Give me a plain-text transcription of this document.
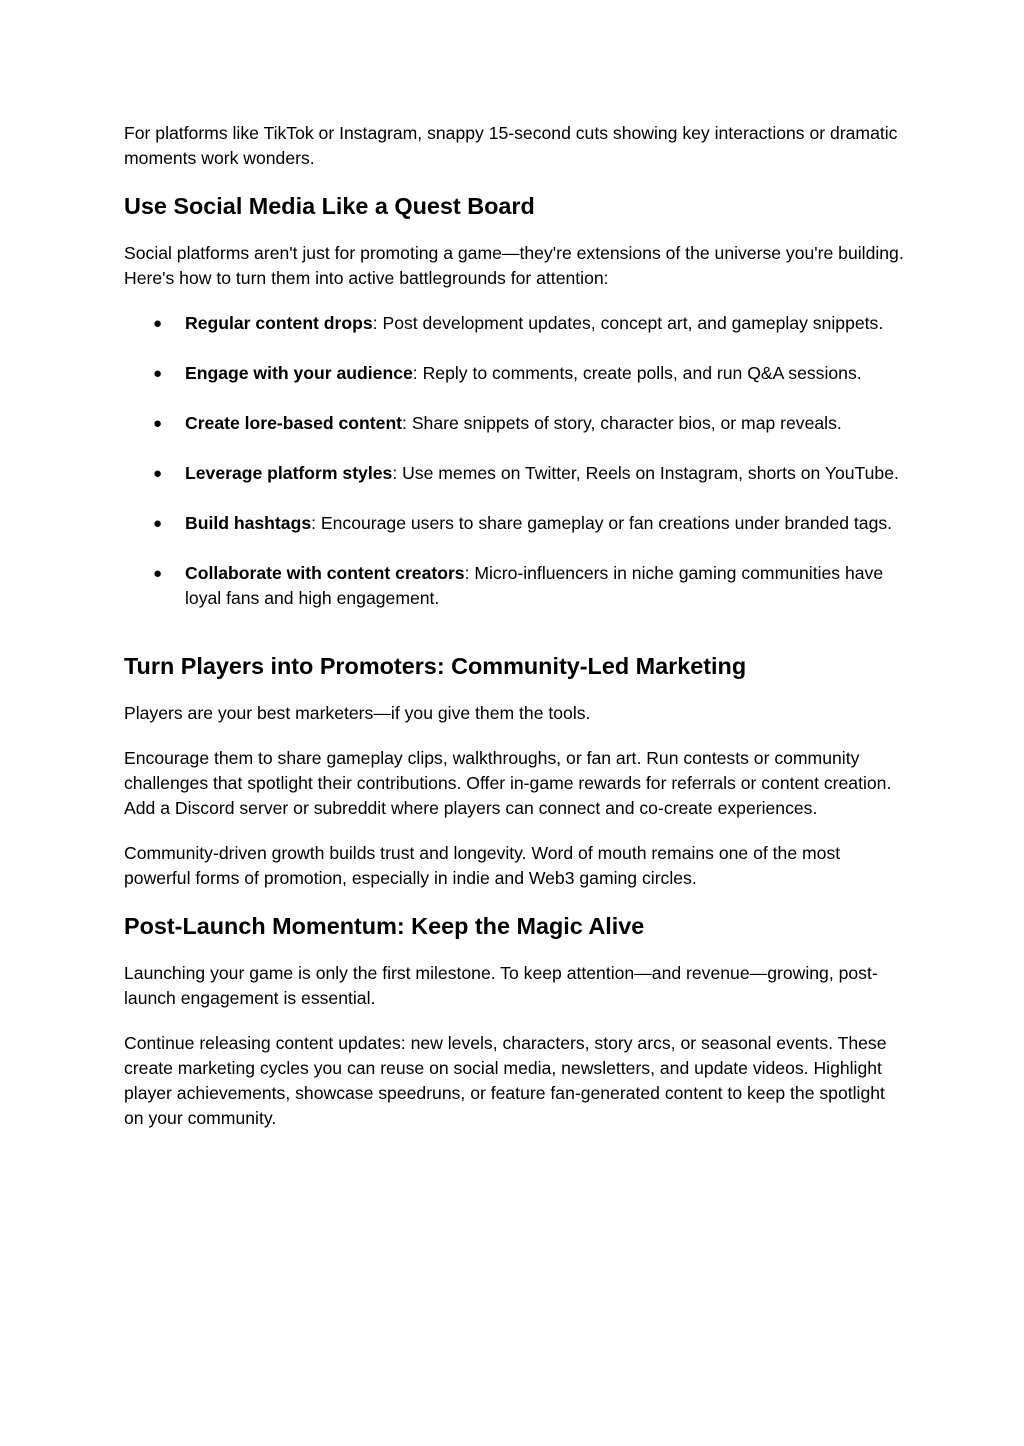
For platforms like TikTok or Instagram, snappy 15-second cuts showing key interactions or dramatic moments work wonders.

Use Social Media Like a Quest Board

Social platforms aren't just for promoting a game—they're extensions of the universe you're building. Here's how to turn them into active battlegrounds for attention:

● Regular content drops: Post development updates, concept art, and gameplay snippets.
● Engage with your audience: Reply to comments, create polls, and run Q&A sessions.
● Create lore-based content: Share snippets of story, character bios, or map reveals.
● Leverage platform styles: Use memes on Twitter, Reels on Instagram, shorts on YouTube.
● Build hashtags: Encourage users to share gameplay or fan creations under branded tags.
● Collaborate with content creators: Micro-influencers in niche gaming communities have loyal fans and high engagement.
Turn Players into Promoters: Community-Led Marketing

Players are your best marketers—if you give them the tools.

Encourage them to share gameplay clips, walkthroughs, or fan art. Run contests or community challenges that spotlight their contributions. Offer in-game rewards for referrals or content creation. Add a Discord server or subreddit where players can connect and co-create experiences.

Community-driven growth builds trust and longevity. Word of mouth remains one of the most powerful forms of promotion, especially in indie and Web3 gaming circles.

Post-Launch Momentum: Keep the Magic Alive

Launching your game is only the first milestone. To keep attention—and revenue—growing, post-launch engagement is essential.

Continue releasing content updates: new levels, characters, story arcs, or seasonal events. These create marketing cycles you can reuse on social media, newsletters, and update videos. Highlight player achievements, showcase speedruns, or feature fan-generated content to keep the spotlight on your community.
